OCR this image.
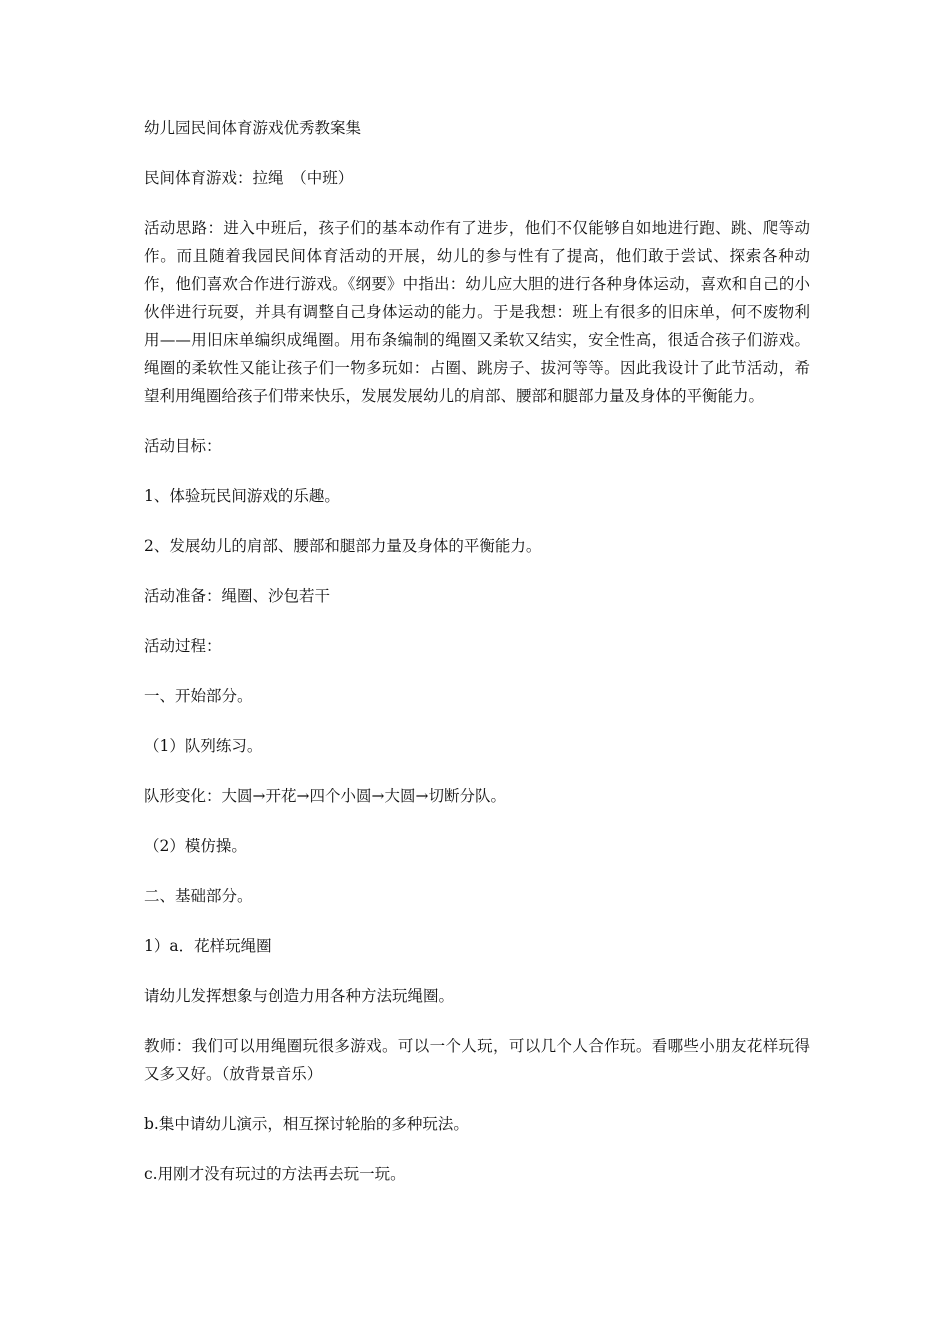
幼儿园民间体育游戏优秀教案集

民间体育游戏：拉绳　（中班）

活动思路：进入中班后，孩子们的基本动作有了进步，他们不仅能够自如地进行跑、跳、爬等动作。而且随着我园民间体育活动的开展，幼儿的参与性有了提高，他们敢于尝试、探索各种动作，他们喜欢合作进行游戏。《纲要》中指出：幼儿应大胆的进行各种身体运动，喜欢和自己的小伙伴进行玩耍，并具有调整自己身体运动的能力。于是我想：班上有很多的旧床单，何不废物利用——用旧床单编织成绳圈。用布条编制的绳圈又柔软又结实，安全性高，很适合孩子们游戏。绳圈的柔软性又能让孩子们一物多玩如：占圈、跳房子、拔河等等。因此我设计了此节活动，希望利用绳圈给孩子们带来快乐，发展发展幼儿的肩部、腰部和腿部力量及身体的平衡能力。

活动目标：

1、体验玩民间游戏的乐趣。

2、发展幼儿的肩部、腰部和腿部力量及身体的平衡能力。

活动准备：绳圈、沙包若干

活动过程：

一、开始部分。

（1）队列练习。

队形变化：大圆→开花→四个小圆→大圆→切断分队。

（2）模仿操。

二、基础部分。

1）a．花样玩绳圈

请幼儿发挥想象与创造力用各种方法玩绳圈。

教师：我们可以用绳圈玩很多游戏。可以一个人玩，可以几个人合作玩。看哪些小朋友花样玩得又多又好。（放背景音乐）

b.集中请幼儿演示，相互探讨轮胎的多种玩法。

c.用刚才没有玩过的方法再去玩一玩。
